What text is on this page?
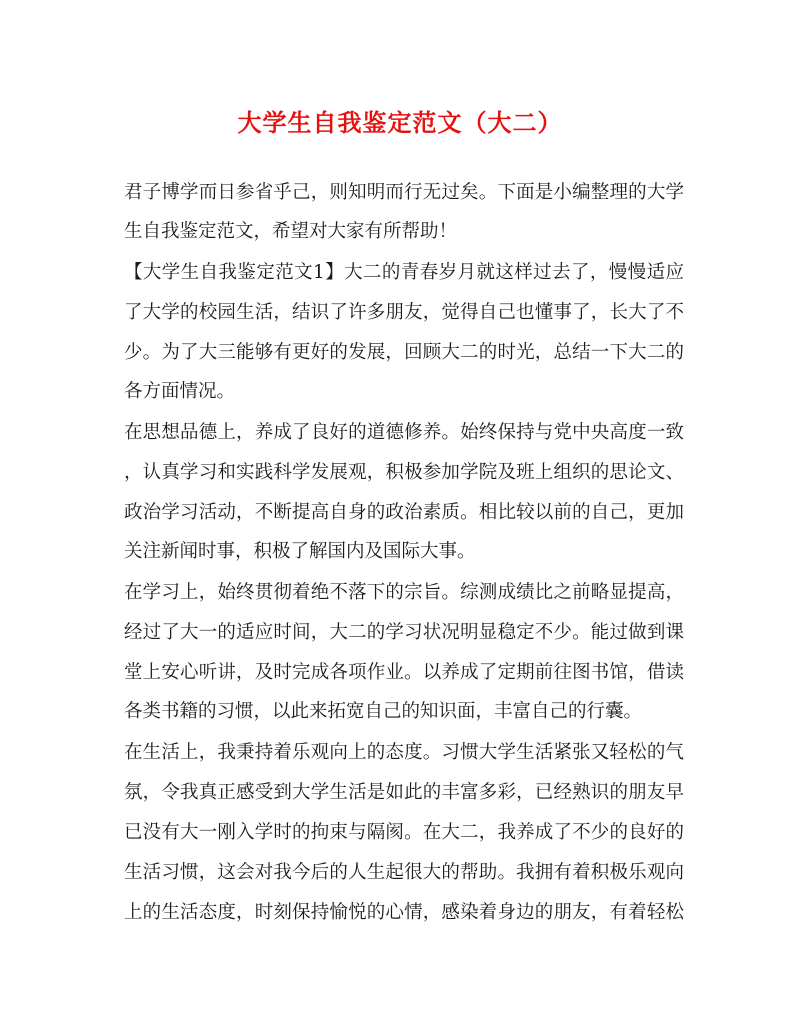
大学生自我鉴定范文（大二）
君子博学而日参省乎己，则知明而行无过矣。下面是小编整理的大学
生自我鉴定范文，希望对大家有所帮助！
【大学生自我鉴定范文1】大二的青春岁月就这样过去了，慢慢适应
了大学的校园生活，结识了许多朋友，觉得自己也懂事了，长大了不
少。为了大三能够有更好的发展，回顾大二的时光，总结一下大二的
各方面情况。
在思想品德上，养成了良好的道德修养。始终保持与党中央高度一致
，认真学习和实践科学发展观，积极参加学院及班上组织的思论文、
政治学习活动，不断提高自身的政治素质。相比较以前的自己，更加
关注新闻时事，积极了解国内及国际大事。
在学习上，始终贯彻着绝不落下的宗旨。综测成绩比之前略显提高，
经过了大一的适应时间，大二的学习状况明显稳定不少。能过做到课
堂上安心听讲，及时完成各项作业。以养成了定期前往图书馆，借读
各类书籍的习惯，以此来拓宽自己的知识面，丰富自己的行囊。
在生活上，我秉持着乐观向上的态度。习惯大学生活紧张又轻松的气
氛，令我真正感受到大学生活是如此的丰富多彩，已经熟识的朋友早
已没有大一刚入学时的拘束与隔阂。在大二，我养成了不少的良好的
生活习惯，这会对我今后的人生起很大的帮助。我拥有着积极乐观向
上的生活态度，时刻保持愉悦的心情，感染着身边的朋友，有着轻松
